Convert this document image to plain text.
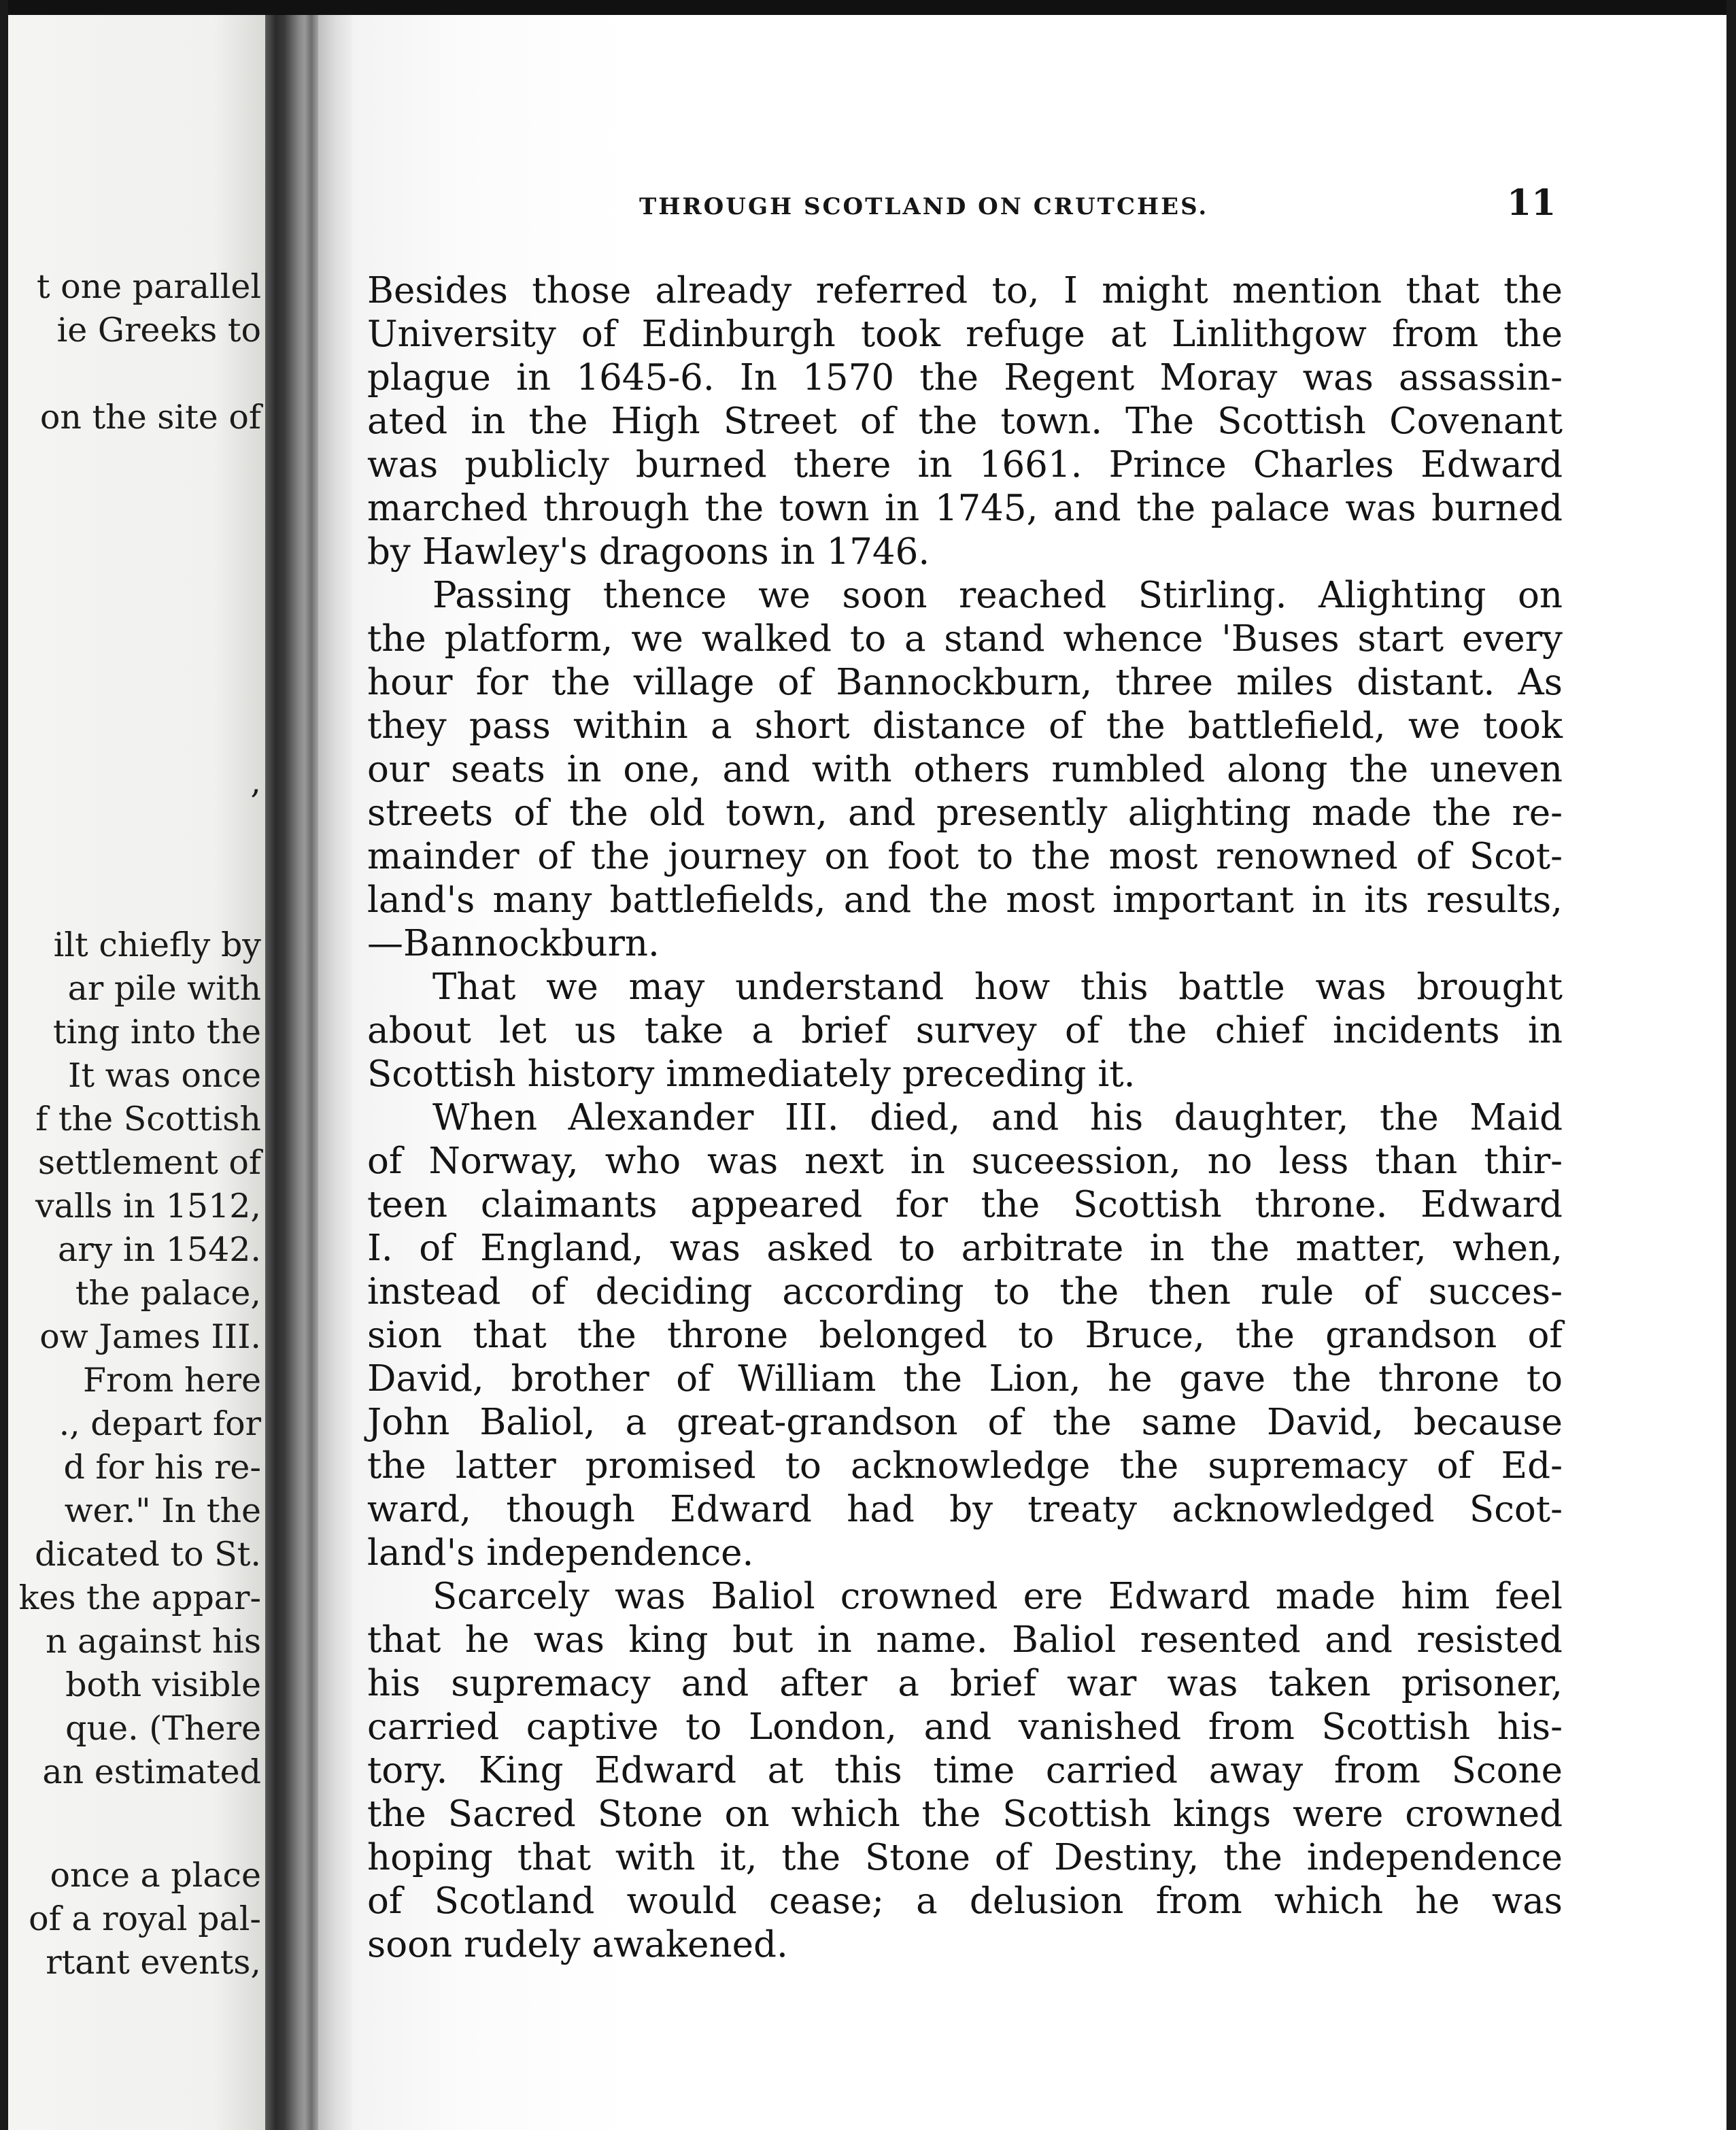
t one parallel
ie Greeks to
on the site of
,
ilt chiefly by
ar pile with
ting into the
It was once
f the Scottish
settlement of
valls in 1512,
ary in 1542.
the palace,
ow James III.
From here
., depart for
d for his re-
wer." In the
dicated to St.
kes the appar-
n against his
both visible
que. (There
an estimated
once a place
of a royal pal-
rtant events,
THROUGH SCOTLAND ON CRUTCHES.	11
Besides those already referred to, I might mention that the
University of Edinburgh took refuge at Linlithgow from the
plague in 1645-6. In 1570 the Regent Moray was assassin-
ated in the High Street of the town. The Scottish Covenant
was publicly burned there in 1661. Prince Charles Edward
marched through the town in 1745, and the palace was burned
by Hawley's dragoons in 1746.
Passing thence we soon reached Stirling. Alighting on
the platform, we walked to a stand whence 'Buses start every
hour for the village of Bannockburn, three miles distant. As
they pass within a short distance of the battlefield, we took
our seats in one, and with others rumbled along the uneven
streets of the old town, and presently alighting made the re-
mainder of the journey on foot to the most renowned of Scot-
land's many battlefields, and the most important in its results,
—Bannockburn.
That we may understand how this battle was brought
about let us take a brief survey of the chief incidents in
Scottish history immediately preceding it.
When Alexander III. died, and his daughter, the Maid
of Norway, who was next in suceession, no less than thir-
teen claimants appeared for the Scottish throne. Edward
I. of England, was asked to arbitrate in the matter, when,
instead of deciding according to the then rule of succes-
sion that the throne belonged to Bruce, the grandson of
David, brother of William the Lion, he gave the throne to
John Baliol, a great-grandson of the same David, because
the latter promised to acknowledge the supremacy of Ed-
ward, though Edward had by treaty acknowledged Scot-
land's independence.
Scarcely was Baliol crowned ere Edward made him feel
that he was king but in name. Baliol resented and resisted
his supremacy and after a brief war was taken prisoner,
carried captive to London, and vanished from Scottish his-
tory. King Edward at this time carried away from Scone
the Sacred Stone on which the Scottish kings were crowned
hoping that with it, the Stone of Destiny, the independence
of Scotland would cease; a delusion from which he was
soon rudely awakened.
